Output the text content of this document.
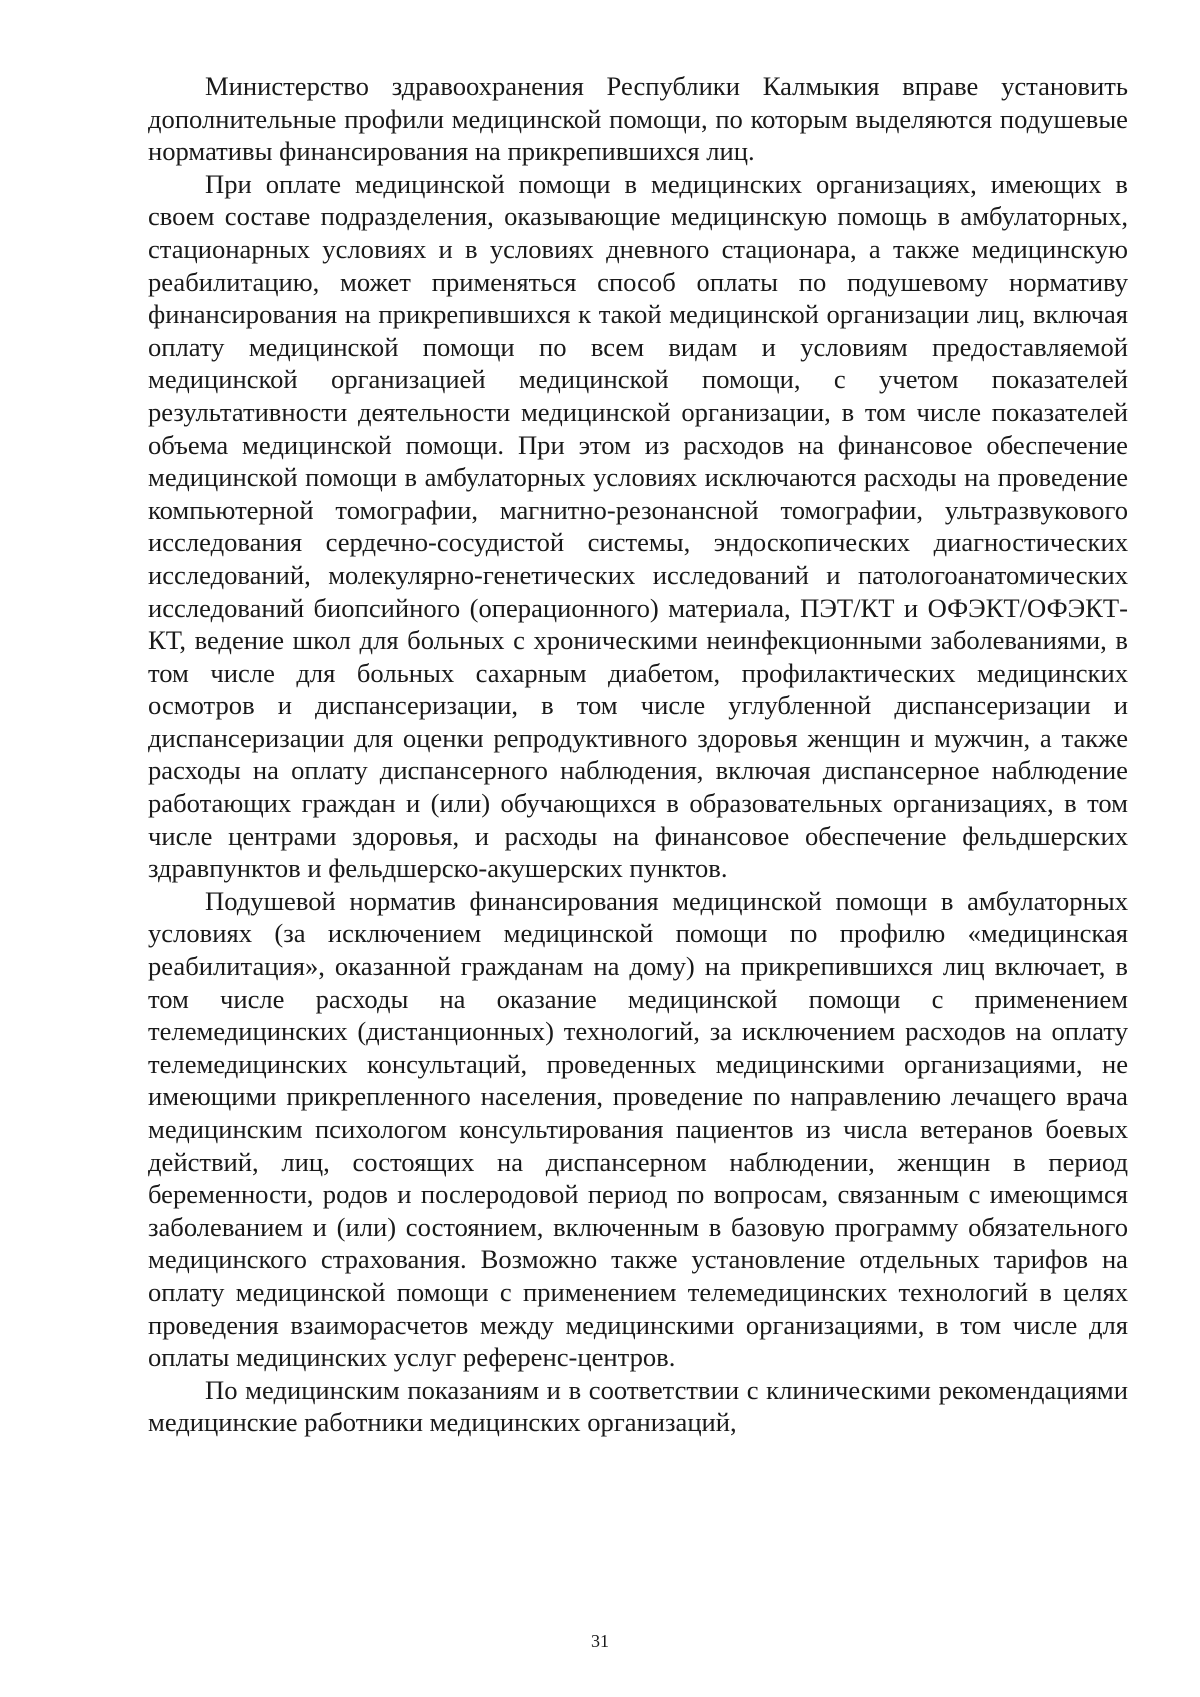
Министерство здравоохранения Республики Калмыкия вправе установить дополнительные профили медицинской помощи, по которым выделяются подушевые нормативы финансирования на прикрепившихся лиц.

При оплате медицинской помощи в медицинских организациях, имеющих в своем составе подразделения, оказывающие медицинскую помощь в амбулаторных, стационарных условиях и в условиях дневного стационара, а также медицинскую реабилитацию, может применяться способ оплаты по подушевому нормативу финансирования на прикрепившихся к такой медицинской организации лиц, включая оплату медицинской помощи по всем видам и условиям предоставляемой медицинской организацией медицинской помощи, с учетом показателей результативности деятельности медицинской организации, в том числе показателей объема медицинской помощи. При этом из расходов на финансовое обеспечение медицинской помощи в амбулаторных условиях исключаются расходы на проведение компьютерной томографии, магнитно-резонансной томографии, ультразвукового исследования сердечно-сосудистой системы, эндоскопических диагностических исследований, молекулярно-генетических исследований и патологоанатомических исследований биопсийного (операционного) материала, ПЭТ/КТ и ОФЭКТ/ОФЭКТ-КТ, ведение школ для больных с хроническими неинфекционными заболеваниями, в том числе для больных сахарным диабетом, профилактических медицинских осмотров и диспансеризации, в том числе углубленной диспансеризации и диспансеризации для оценки репродуктивного здоровья женщин и мужчин, а также расходы на оплату диспансерного наблюдения, включая диспансерное наблюдение работающих граждан и (или) обучающихся в образовательных организациях, в том числе центрами здоровья, и расходы на финансовое обеспечение фельдшерских здравпунктов и фельдшерско-акушерских пунктов.

Подушевой норматив финансирования медицинской помощи в амбулаторных условиях (за исключением медицинской помощи по профилю «медицинская реабилитация», оказанной гражданам на дому) на прикрепившихся лиц включает, в том числе расходы на оказание медицинской помощи с применением телемедицинских (дистанционных) технологий, за исключением расходов на оплату телемедицинских консультаций, проведенных медицинскими организациями, не имеющими прикрепленного населения, проведение по направлению лечащего врача медицинским психологом консультирования пациентов из числа ветеранов боевых действий, лиц, состоящих на диспансерном наблюдении, женщин в период беременности, родов и послеродовой период по вопросам, связанным с имеющимся заболеванием и (или) состоянием, включенным в базовую программу обязательного медицинского страхования. Возможно также установление отдельных тарифов на оплату медицинской помощи с применением телемедицинских технологий в целях проведения взаиморасчетов между медицинскими организациями, в том числе для оплаты медицинских услуг референс-центров.

По медицинским показаниям и в соответствии с клиническими рекомендациями медицинские работники медицинских организаций,

31
